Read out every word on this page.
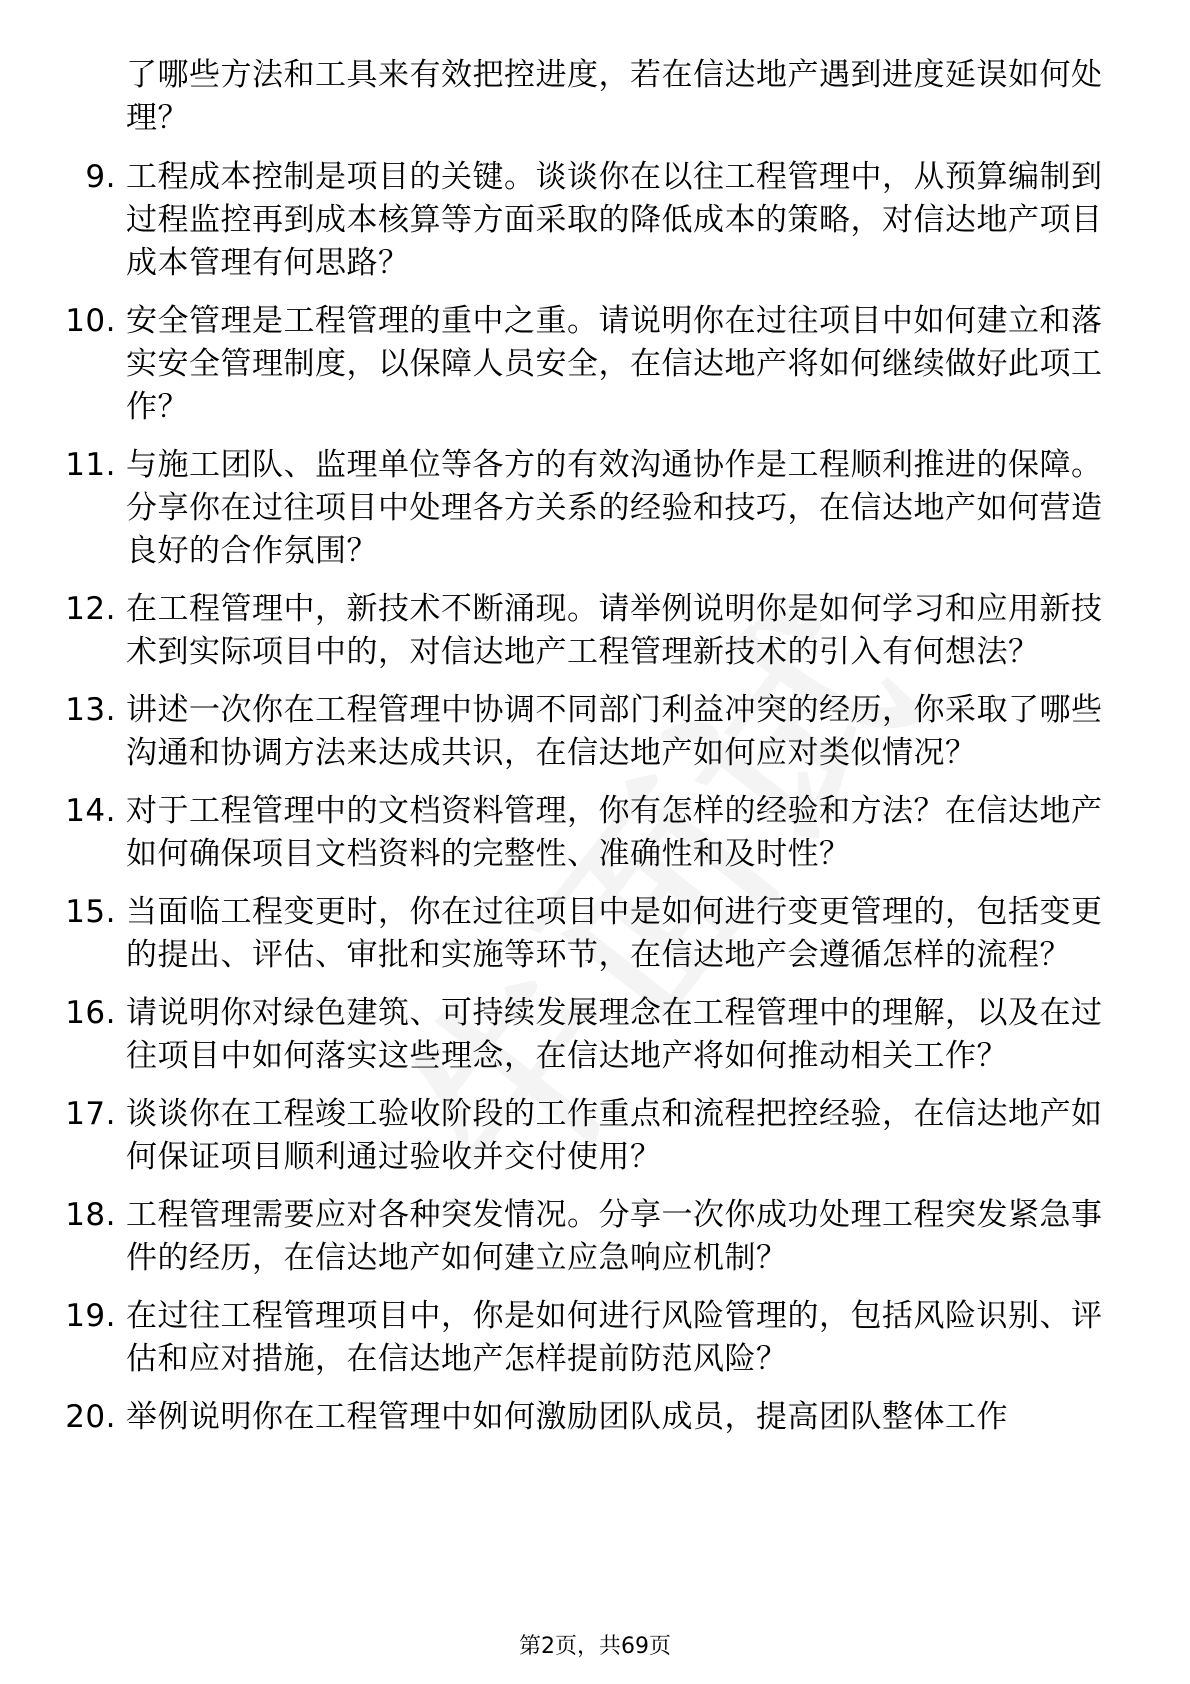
了哪些方法和工具来有效把控进度，若在信达地产遇到进度延误如何处理？
9. 工程成本控制是项目的关键。谈谈你在以往工程管理中，从预算编制到过程监控再到成本核算等方面采取的降低成本的策略，对信达地产项目成本管理有何思路？
10. 安全管理是工程管理的重中之重。请说明你在过往项目中如何建立和落实安全管理制度，以保障人员安全，在信达地产将如何继续做好此项工作？
11. 与施工团队、监理单位等各方的有效沟通协作是工程顺利推进的保障。分享你在过往项目中处理各方关系的经验和技巧，在信达地产如何营造良好的合作氛围？
12. 在工程管理中，新技术不断涌现。请举例说明你是如何学习和应用新技术到实际项目中的，对信达地产工程管理新技术的引入有何想法？
13. 讲述一次你在工程管理中协调不同部门利益冲突的经历，你采取了哪些沟通和协调方法来达成共识，在信达地产如何应对类似情况？
14. 对于工程管理中的文档资料管理，你有怎样的经验和方法？在信达地产如何确保项目文档资料的完整性、准确性和及时性？
15. 当面临工程变更时，你在过往项目中是如何进行变更管理的，包括变更的提出、评估、审批和实施等环节，在信达地产会遵循怎样的流程？
16. 请说明你对绿色建筑、可持续发展理念在工程管理中的理解，以及在过往项目中如何落实这些理念，在信达地产将如何推动相关工作？
17. 谈谈你在工程竣工验收阶段的工作重点和流程把控经验，在信达地产如何保证项目顺利通过验收并交付使用？
18. 工程管理需要应对各种突发情况。分享一次你成功处理工程突发紧急事件的经历，在信达地产如何建立应急响应机制？
19. 在过往工程管理项目中，你是如何进行风险管理的，包括风险识别、评估和应对措施，在信达地产怎样提前防范风险？
20. 举例说明你在工程管理中如何激励团队成员，提高团队整体工作
第2页，共69页
